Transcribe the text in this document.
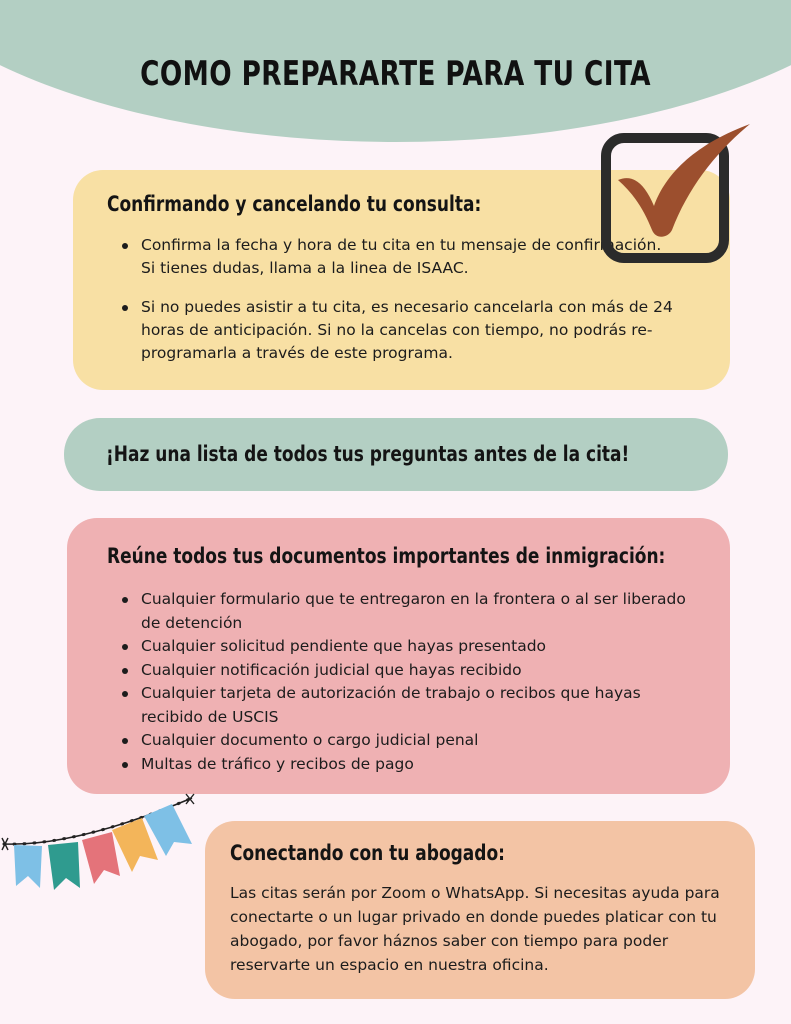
COMO PREPARARTE PARA TU CITA
Confirmando y cancelando tu consulta:
Confirma la fecha y hora de tu cita en tu mensaje de confirmación. Si tienes dudas, llama a la linea de ISAAC.
Si no puedes asistir a tu cita, es necesario cancelarla con más de 24 horas de anticipación. Si no la cancelas con tiempo, no podrás re-programarla a través de este programa.
¡Haz una lista de todos tus preguntas antes de la cita!
Reúne todos tus documentos importantes de inmigración:
Cualquier formulario que te entregaron en la frontera o al ser liberado de detención
Cualquier solicitud pendiente que hayas presentado
Cualquier notificación judicial que hayas recibido
Cualquier tarjeta de autorización de trabajo o recibos que hayas recibido de USCIS
Cualquier documento o cargo judicial penal
Multas de tráfico y recibos de pago
Conectando con tu abogado:

Las citas serán por Zoom o WhatsApp. Si necesitas ayuda para conectarte o un lugar privado en donde puedes platicar con tu abogado, por favor háznos saber con tiempo para poder reservarte un espacio en nuestra oficina.
